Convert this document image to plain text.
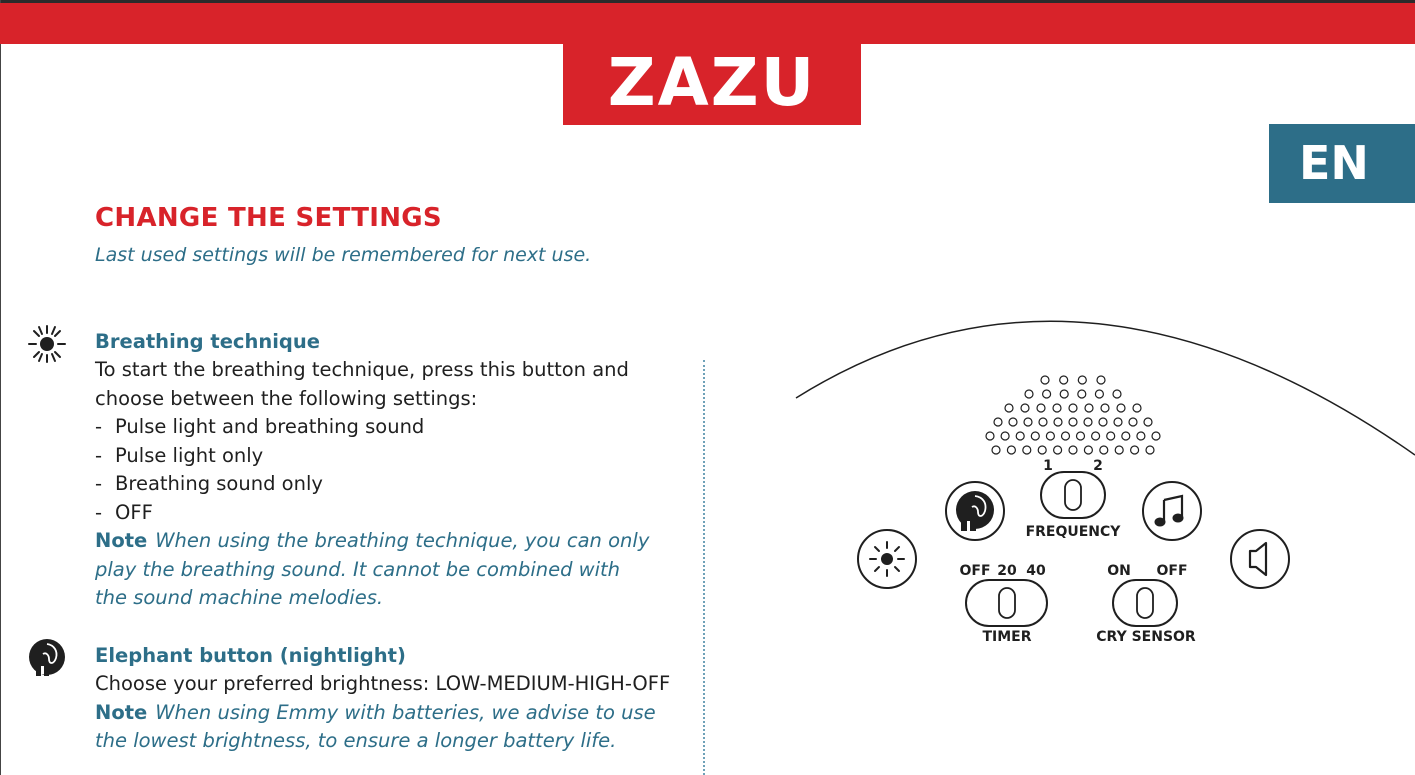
ZAZU
EN
CHANGE THE SETTINGS
Last used settings will be remembered for next use.
Breathing technique
To start the breathing technique, press this button and
choose between the following settings:
- Pulse light and breathing sound
- Pulse light only
- Breathing sound only
- OFF
Note When using the breathing technique, you can only
play the breathing sound. It cannot be combined with
the sound machine melodies.
Elephant button (nightlight)
Choose your preferred brightness: LOW-MEDIUM-HIGH-OFF
Note When using Emmy with batteries, we advise to use
the lowest brightness, to ensure a longer battery life.
1	2
FREQUENCY
OFF 20 40
TIMER
ON OFF
CRY SENSOR
